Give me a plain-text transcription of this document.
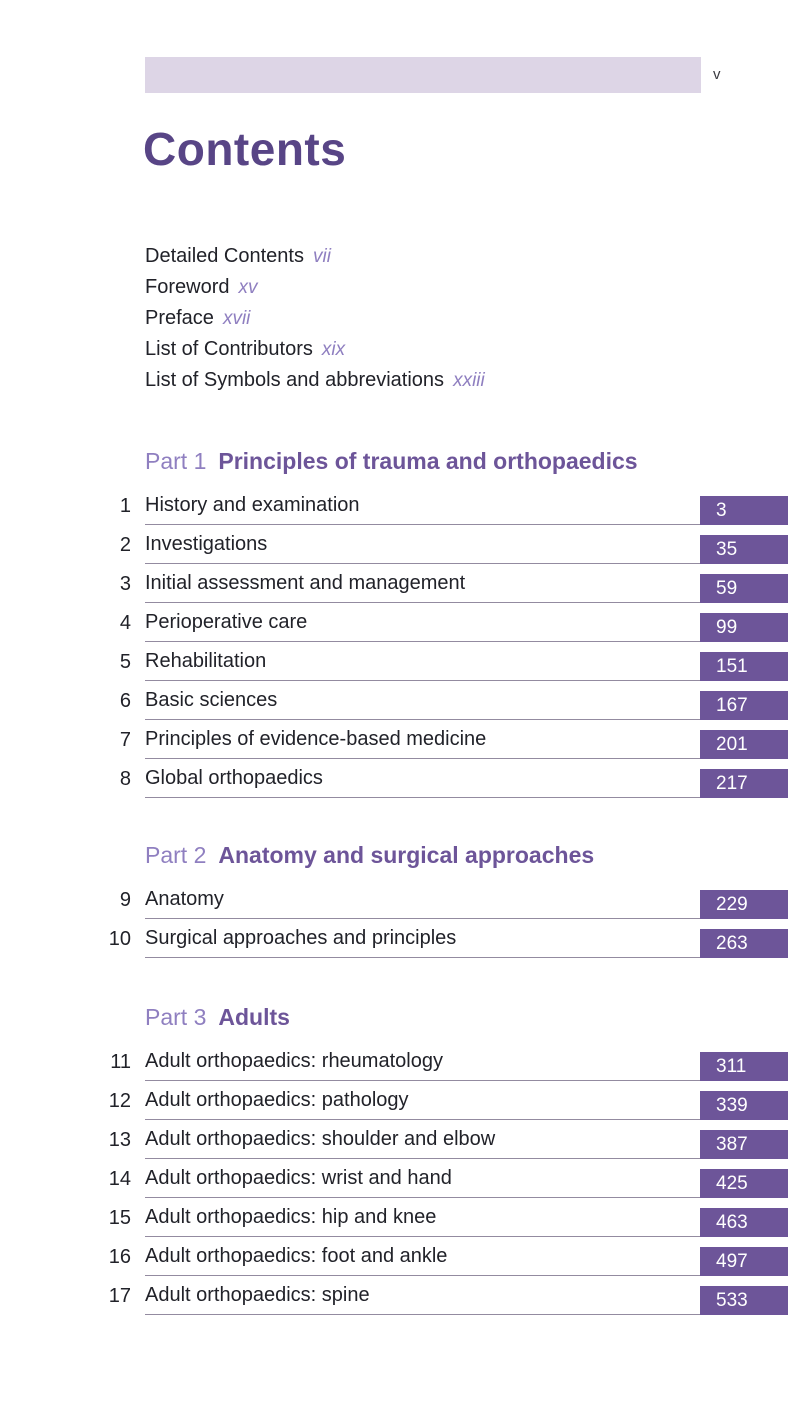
v
Contents
Detailed Contents vii
Foreword xv
Preface xvii
List of Contributors xix
List of Symbols and abbreviations xxiii
Part 1 Principles of trauma and orthopaedics
1 History and examination	3
2 Investigations	35
3 Initial assessment and management	59
4 Perioperative care	99
5 Rehabilitation	151
6 Basic sciences	167
7 Principles of evidence-based medicine	201
8 Global orthopaedics	217
Part 2 Anatomy and surgical approaches
9 Anatomy	229
10 Surgical approaches and principles	263
Part 3 Adults
11 Adult orthopaedics: rheumatology	311
12 Adult orthopaedics: pathology	339
13 Adult orthopaedics: shoulder and elbow	387
14 Adult orthopaedics: wrist and hand	425
15 Adult orthopaedics: hip and knee	463
16 Adult orthopaedics: foot and ankle	497
17 Adult orthopaedics: spine	533
